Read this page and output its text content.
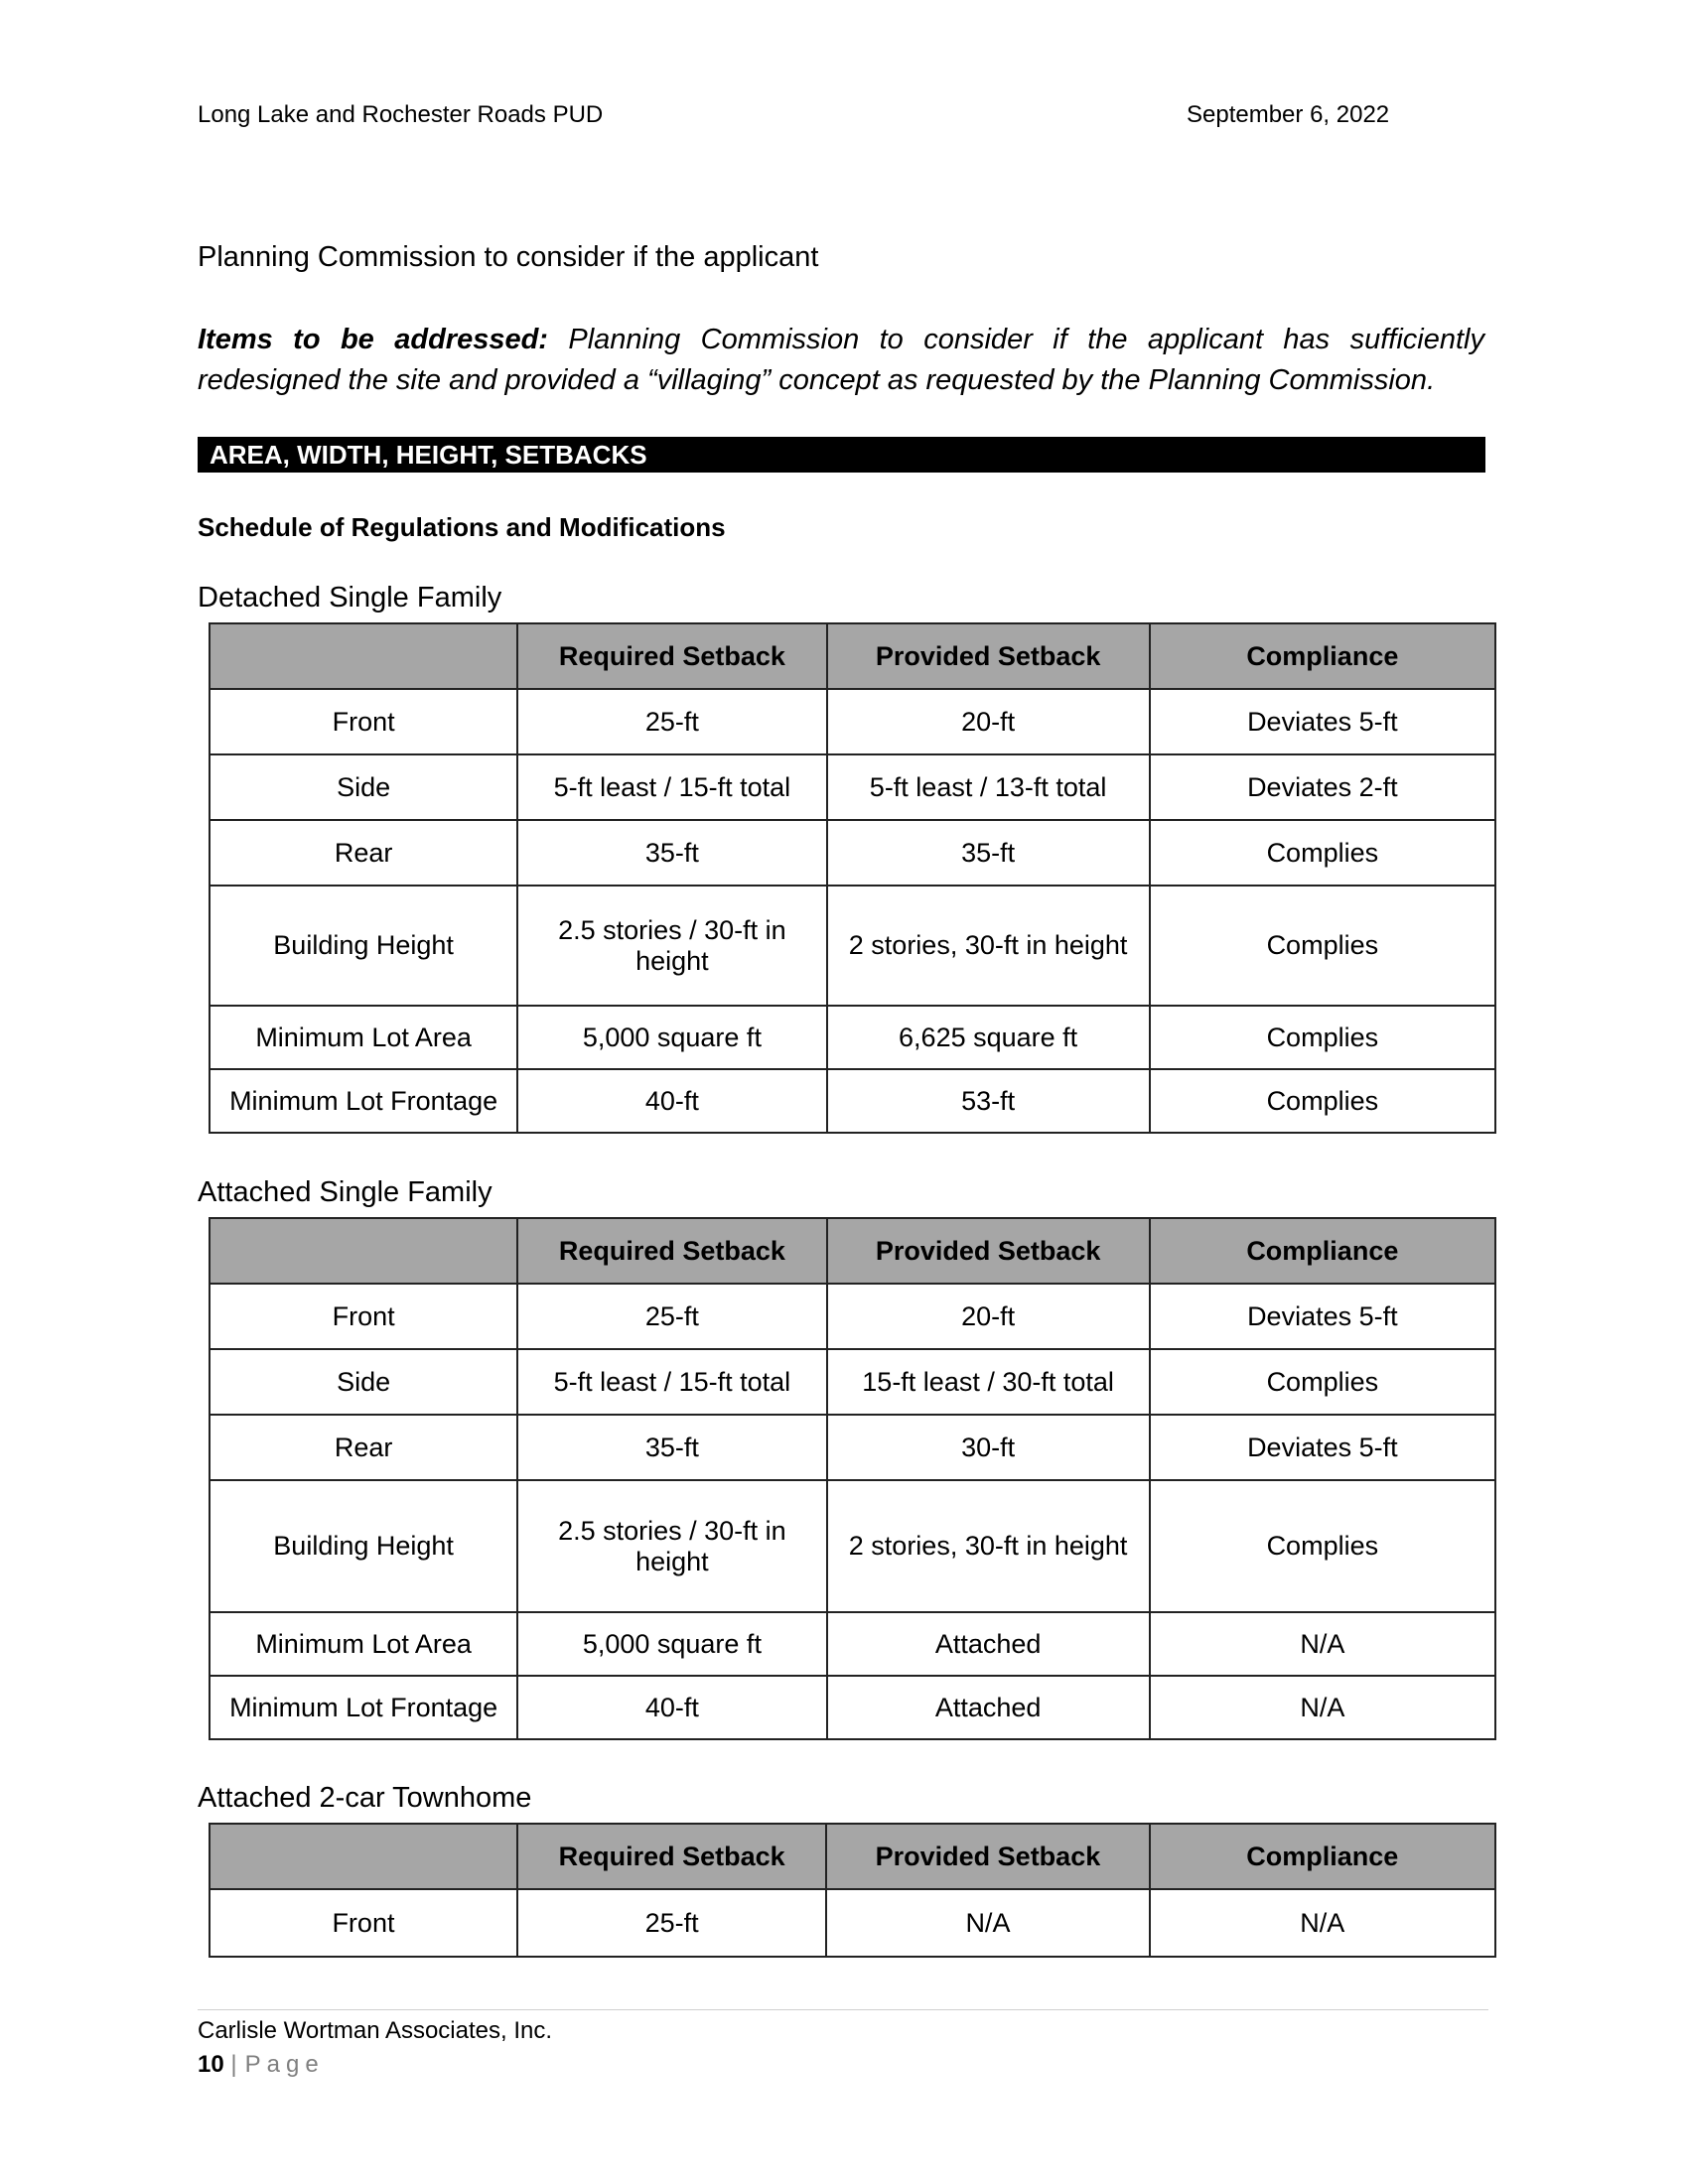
Long Lake and Rochester Roads PUD	September 6, 2022
Planning Commission to consider if the applicant
Items to be addressed: Planning Commission to consider if the applicant has sufficiently redesigned the site and provided a “villaging” concept as requested by the Planning Commission.
AREA, WIDTH, HEIGHT, SETBACKS
Schedule of Regulations and Modifications
Detached Single Family
	Required Setback	Provided Setback	Compliance
Front	25-ft	20-ft	Deviates 5-ft
Side	5-ft least / 15-ft total	5-ft least / 13-ft total	Deviates 2-ft
Rear	35-ft	35-ft	Complies
Building Height	2.5 stories / 30-ft in height	2 stories, 30-ft in height	Complies
Minimum Lot Area	5,000 square ft	6,625 square ft	Complies
Minimum Lot Frontage	40-ft	53-ft	Complies
Attached Single Family
	Required Setback	Provided Setback	Compliance
Front	25-ft	20-ft	Deviates 5-ft
Side	5-ft least / 15-ft total	15-ft least / 30-ft total	Complies
Rear	35-ft	30-ft	Deviates 5-ft
Building Height	2.5 stories / 30-ft in height	2 stories, 30-ft in height	Complies
Minimum Lot Area	5,000 square ft	Attached	N/A
Minimum Lot Frontage	40-ft	Attached	N/A
Attached 2-car Townhome
	Required Setback	Provided Setback	Compliance
Front	25-ft	N/A	N/A
Carlisle Wortman Associates, Inc.
10 | Page
